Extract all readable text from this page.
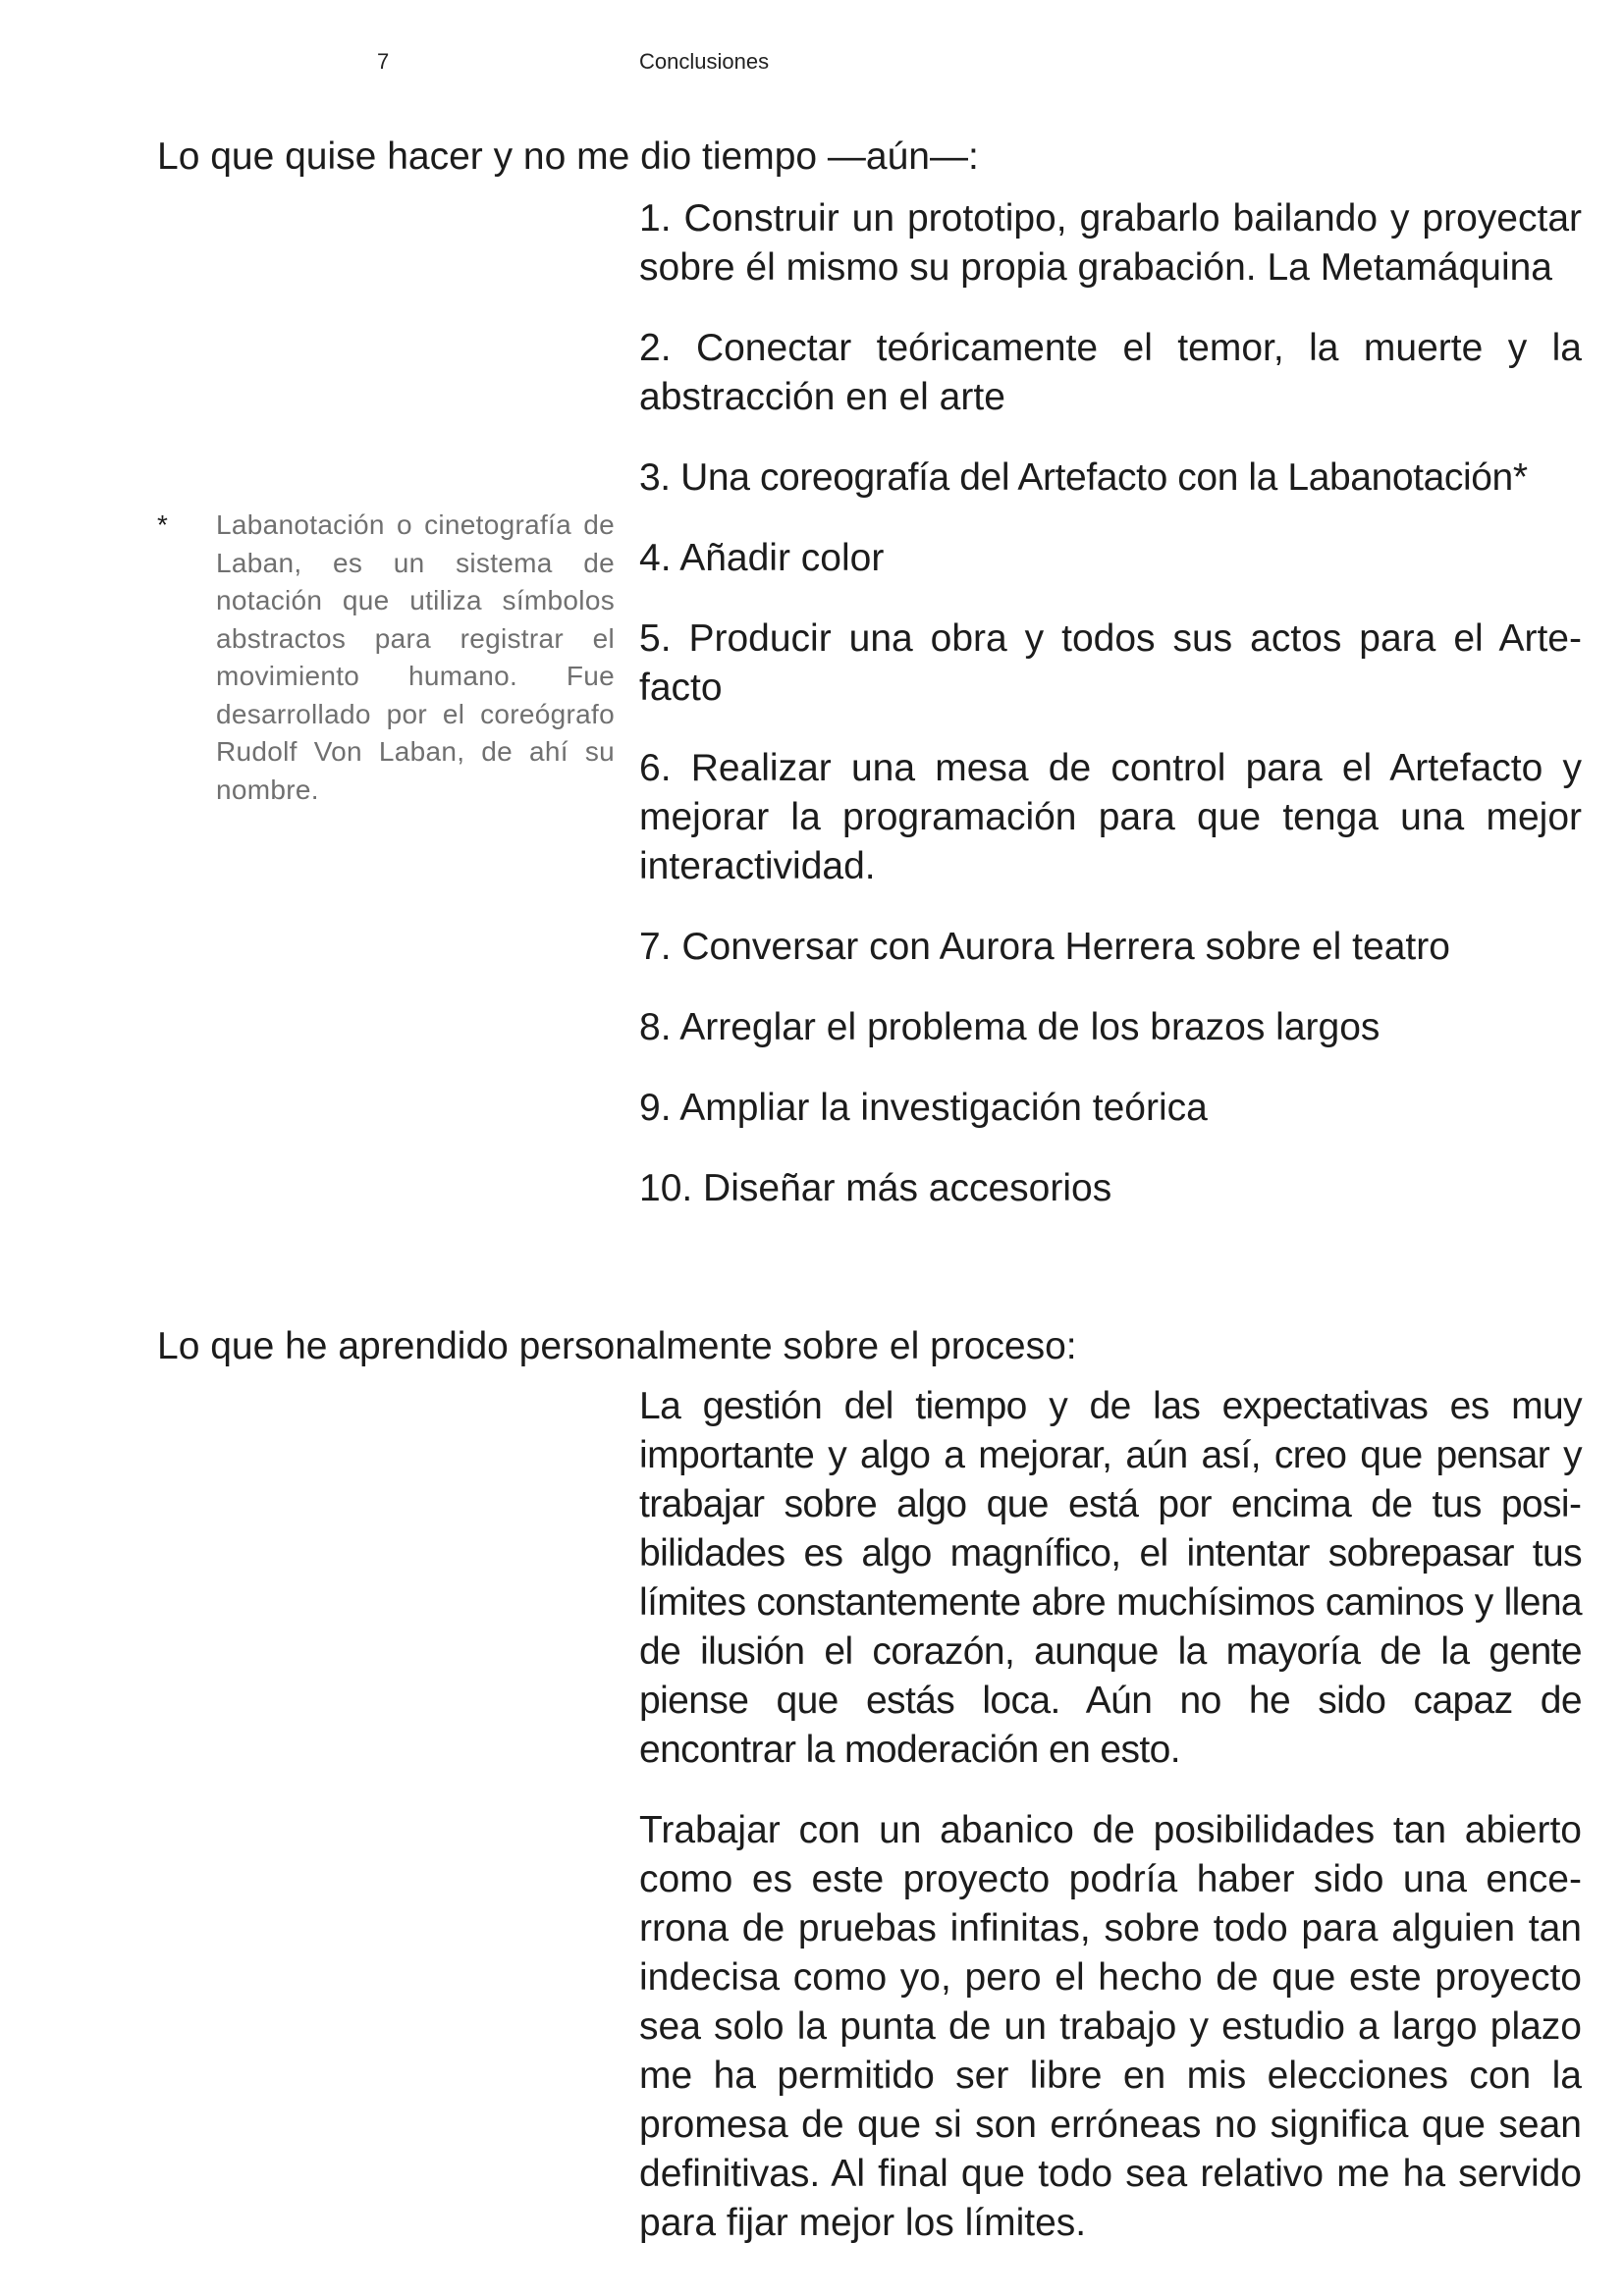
7	Conclusiones
Lo que quise hacer y no me dio tiempo —aún—:

1. Construir un prototipo, grabarlo bailando y proyectar sobre él mismo su propia grabación. La Metamáquina

2. Conectar teóricamente el temor, la muerte y la abstracción en el arte

3. Una coreografía del Artefacto con la Labanotación*

4. Añadir color

5. Producir una obra y todos sus actos para el Artefacto

6. Realizar una mesa de control para el Artefacto y mejorar la programación para que tenga una mejor interactividad.

7. Conversar con Aurora Herrera sobre el teatro

8. Arreglar el problema de los brazos largos

9. Ampliar la investigación teórica

10. Diseñar más accesorios

* Labanotación o cinetografía de Laban, es un sistema de notación que utiliza símbolos abstractos para registrar el movimiento humano. Fue desarrollado por el coreógrafo Rudolf Von Laban, de ahí su nombre.
Lo que he aprendido personalmente sobre el proceso:

La gestión del tiempo y de las expectativas es muy importante y algo a mejorar, aún así, creo que pensar y trabajar sobre algo que está por encima de tus posibilidades es algo magnífico, el intentar sobrepasar tus límites constantemente abre muchísimos caminos y llena de ilusión el corazón, aunque la mayoría de la gente piense que estás loca. Aún no he sido capaz de encontrar la moderación en esto.

Trabajar con un abanico de posibilidades tan abierto como es este proyecto podría haber sido una encerrona de pruebas infinitas, sobre todo para alguien tan indecisa como yo, pero el hecho de que este proyecto sea solo la punta de un trabajo y estudio a largo plazo me ha permitido ser libre en mis elecciones con la promesa de que si son erróneas no significa que sean definitivas. Al final que todo sea relativo me ha servido para fijar mejor los límites.
